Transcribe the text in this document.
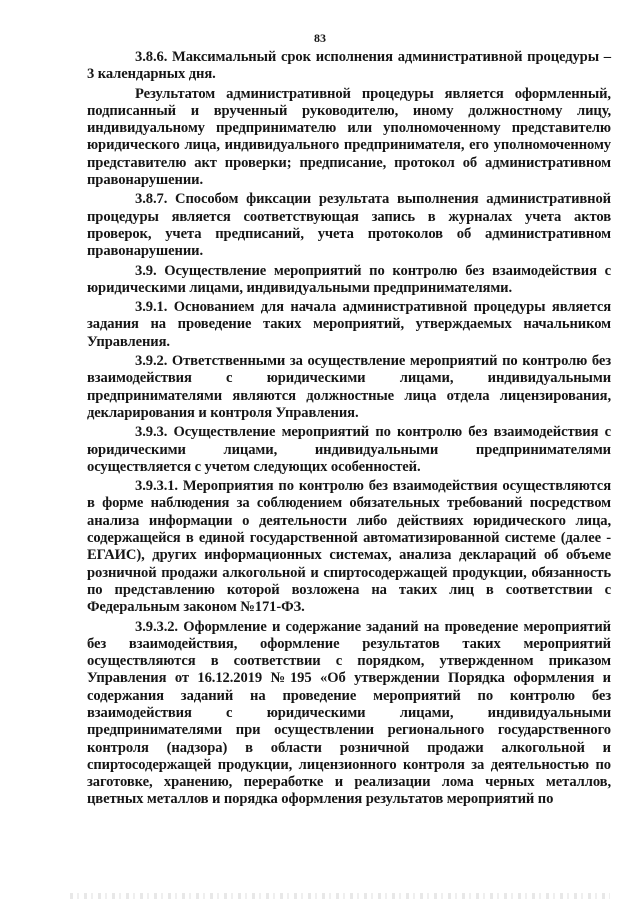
83

3.8.6. Максимальный срок исполнения административной процедуры – 3 календарных дня.

Результатом административной процедуры является оформленный, подписанный и врученный руководителю, иному должностному лицу, индивидуальному предпринимателю или уполномоченному представителю юридического лица, индивидуального предпринимателя, его уполномоченному представителю акт проверки; предписание, протокол об административном правонарушении.

3.8.7. Способом фиксации результата выполнения административной процедуры является соответствующая запись в журналах учета актов проверок, учета предписаний, учета протоколов об административном правонарушении.

3.9. Осуществление мероприятий по контролю без взаимодействия с юридическими лицами, индивидуальными предпринимателями.

3.9.1. Основанием для начала административной процедуры является задания на проведение таких мероприятий, утверждаемых начальником Управления.

3.9.2. Ответственными за осуществление мероприятий по контролю без взаимодействия с юридическими лицами, индивидуальными предпринимателями являются должностные лица отдела лицензирования, декларирования и контроля Управления.

3.9.3. Осуществление мероприятий по контролю без взаимодействия с юридическими лицами, индивидуальными предпринимателями осуществляется с учетом следующих особенностей.

3.9.3.1. Мероприятия по контролю без взаимодействия осуществляются в форме наблюдения за соблюдением обязательных требований посредством анализа информации о деятельности либо действиях юридического лица, содержащейся в единой государственной автоматизированной системе (далее - ЕГАИС), других информационных системах, анализа деклараций об объеме розничной продажи алкогольной и спиртосодержащей продукции, обязанность по представлению которой возложена на таких лиц в соответствии с Федеральным законом №171-ФЗ.

3.9.3.2. Оформление и содержание заданий на проведение мероприятий без взаимодействия, оформление результатов таких мероприятий осуществляются в соответствии с порядком, утвержденном приказом Управления от 16.12.2019 №195 «Об утверждении Порядка оформления и содержания заданий на проведение мероприятий по контролю без взаимодействия с юридическими лицами, индивидуальными предпринимателями при осуществлении регионального государственного контроля (надзора) в области розничной продажи алкогольной и спиртосодержащей продукции, лицензионного контроля за деятельностью по заготовке, хранению, переработке и реализации лома черных металлов, цветных металлов и порядка оформления результатов мероприятий по
